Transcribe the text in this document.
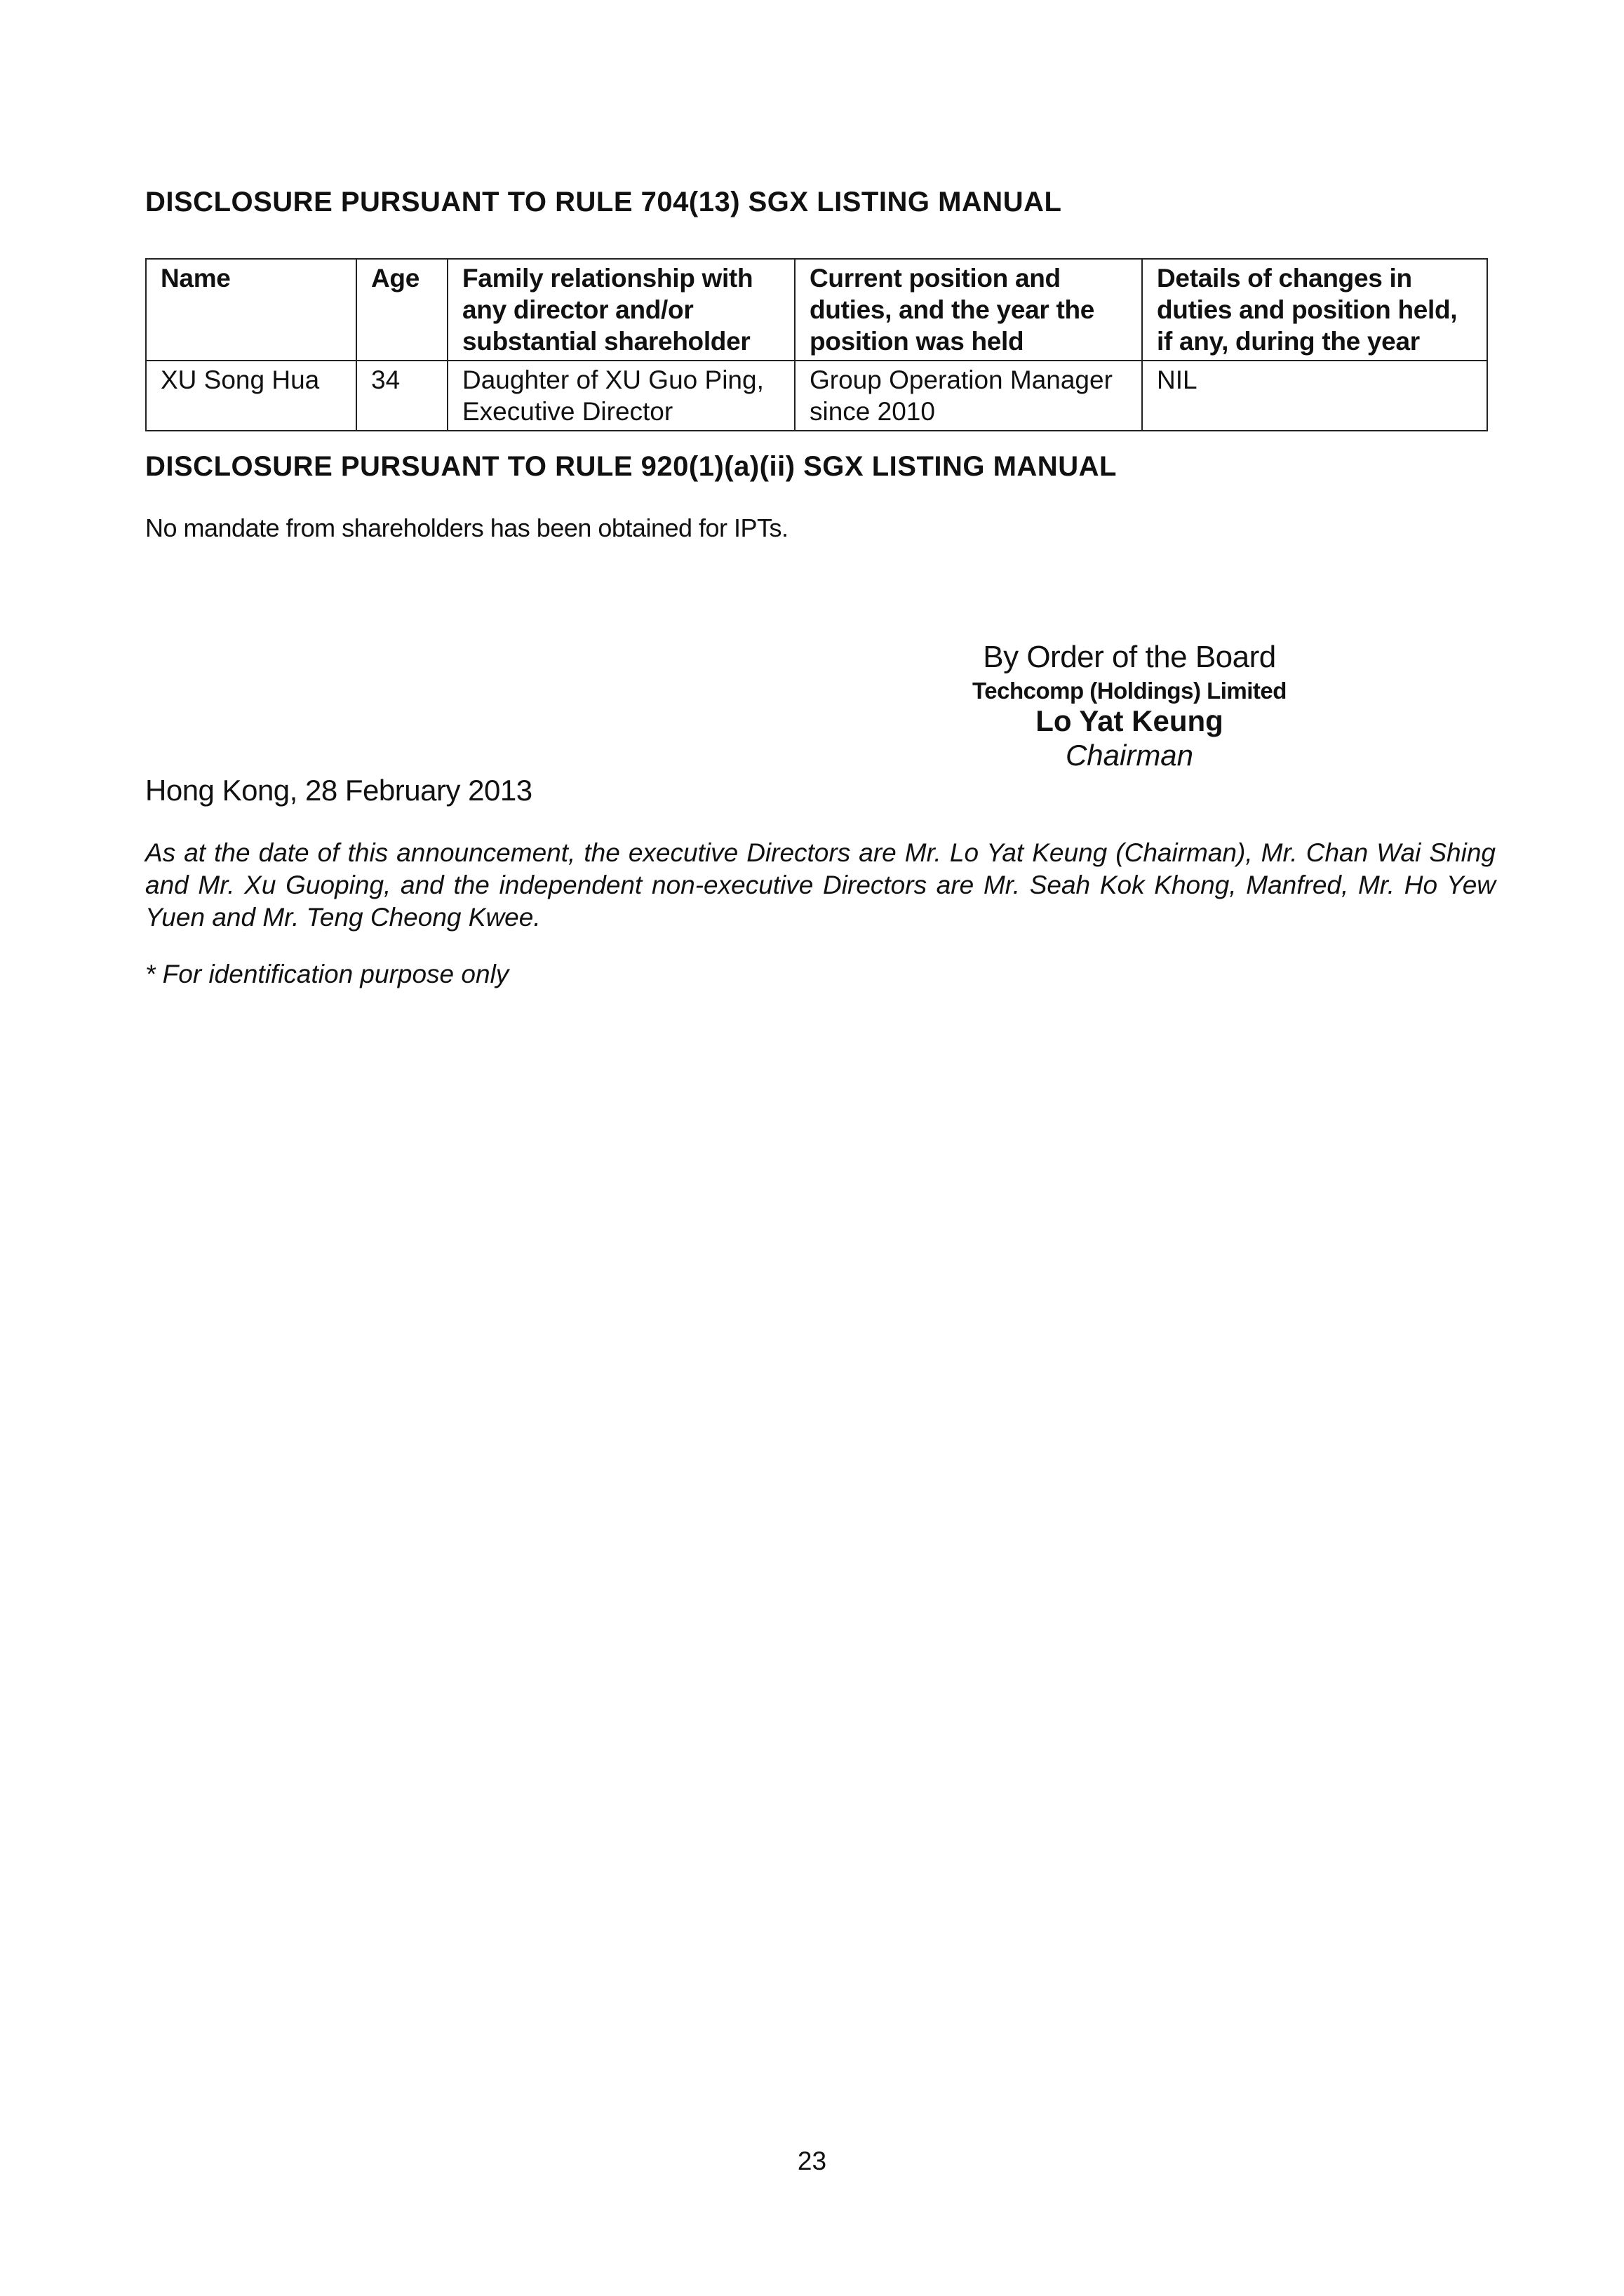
DISCLOSURE PURSUANT TO RULE 704(13) SGX LISTING MANUAL
Name	Age	Family relationship with any director and/or substantial shareholder	Current position and duties, and the year the position was held	Details of changes in duties and position held, if any, during the year
XU Song Hua	34	Daughter of XU Guo Ping, Executive Director	Group Operation Manager since 2010	NIL
DISCLOSURE PURSUANT TO RULE 920(1)(a)(ii) SGX LISTING MANUAL
No mandate from shareholders has been obtained for IPTs.
By Order of the Board
Techcomp (Holdings) Limited
Lo Yat Keung
Chairman
Hong Kong, 28 February 2013

As at the date of this announcement, the executive Directors are Mr. Lo Yat Keung (Chairman), Mr. Chan Wai Shing and Mr. Xu Guoping, and the independent non-executive Directors are Mr. Seah Kok Khong, Manfred, Mr. Ho Yew Yuen and Mr. Teng Cheong Kwee.

* For identification purpose only
23
